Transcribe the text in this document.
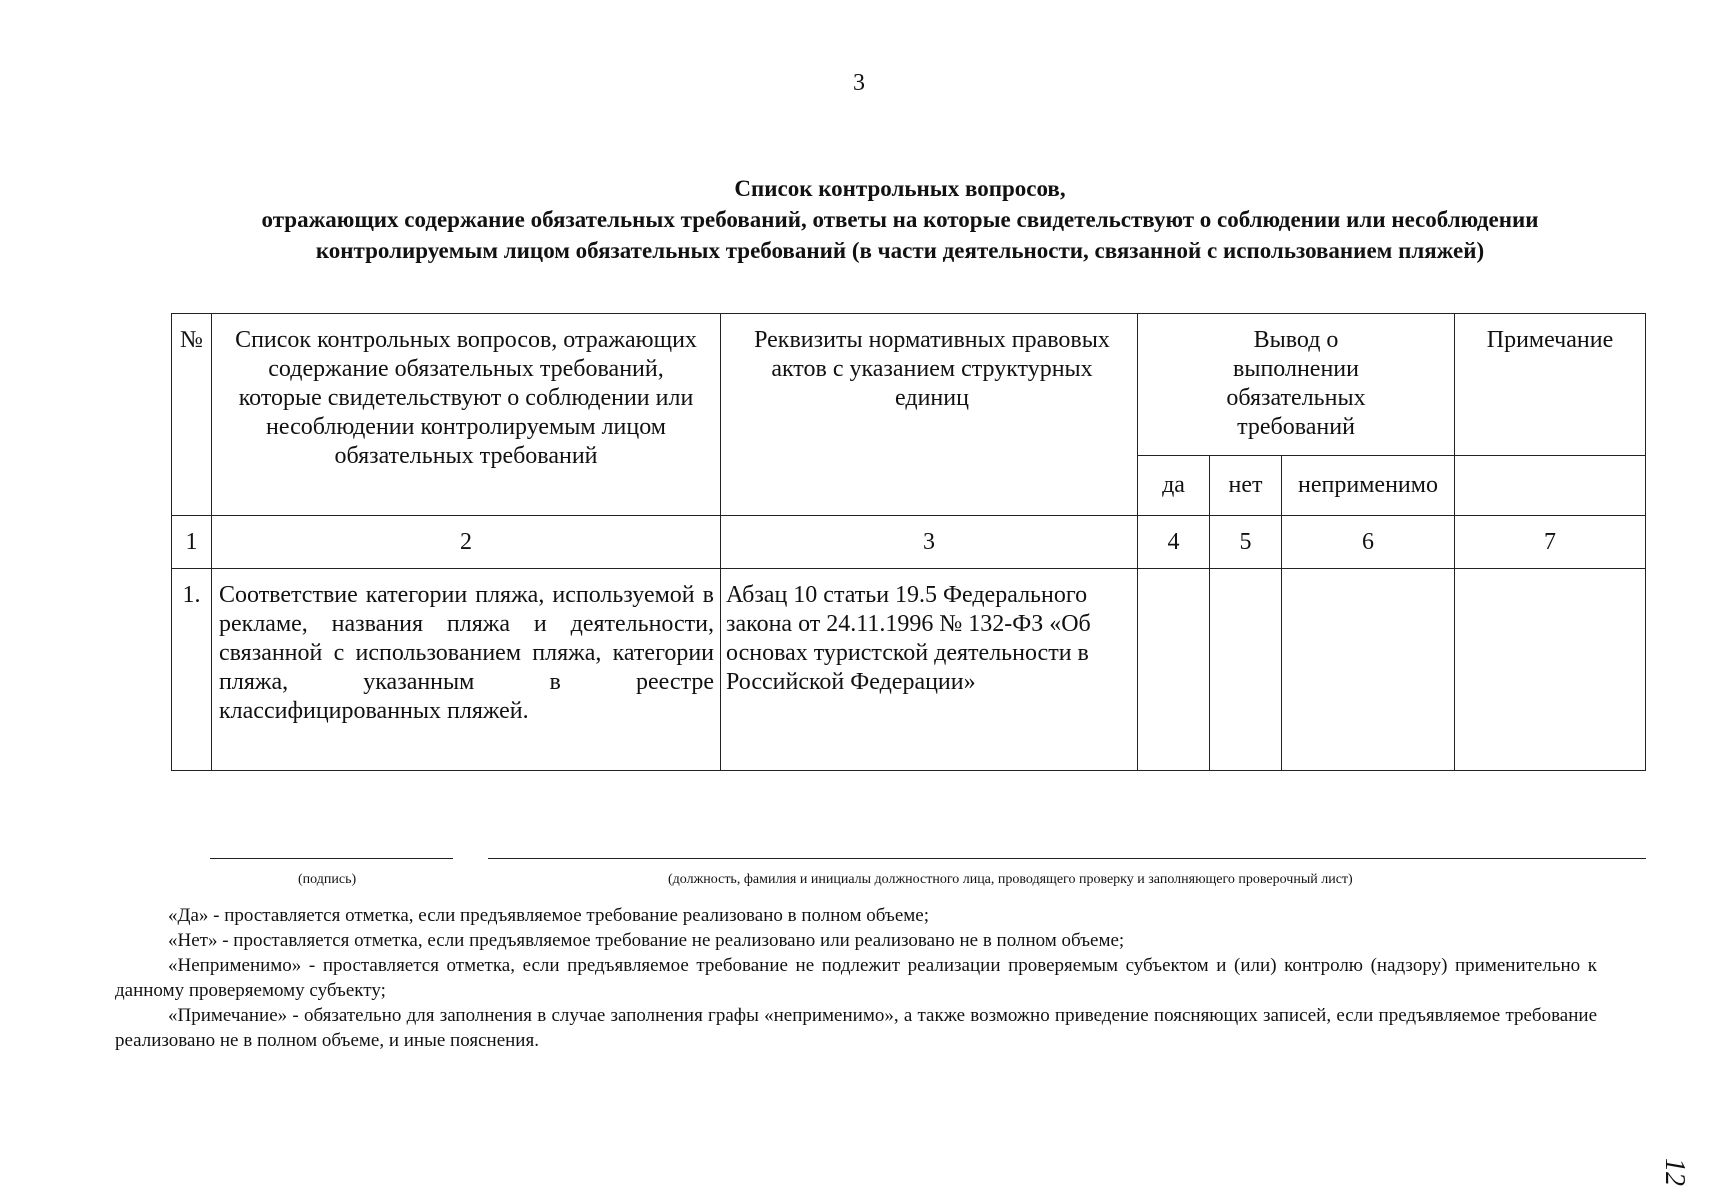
3
Список контрольных вопросов,
отражающих содержание обязательных требований, ответы на которые свидетельствуют о соблюдении или несоблюдении контролируемым лицом обязательных требований (в части деятельности, связанной с использованием пляжей)
№	Список контрольных вопросов, отражающих содержание обязательных требований, которые свидетельствуют о соблюдении или несоблюдении контролируемым лицом обязательных требований	Реквизиты нормативных правовых актов с указанием структурных единиц	Вывод о выполнении обязательных требований			Примечание
			да	нет	неприменимо	
1	2	3	4	5	6	7
1.	Соответствие категории пляжа, используемой в рекламе, названия пляжа и деятельности, связанной с использованием пляжа, категории пляжа, указанным в реестре классифицированных пляжей.	Абзац 10 статьи 19.5 Федерального закона от 24.11.1996 № 132-ФЗ «Об основах туристской деятельности в Российской Федерации»				
(подпись)	(должность, фамилия и инициалы должностного лица, проводящего проверку и заполняющего проверочный лист)

«Да» - проставляется отметка, если предъявляемое требование реализовано в полном объеме;

«Нет» - проставляется отметка, если предъявляемое требование не реализовано или реализовано не в полном объеме;

«Неприменимо» - проставляется отметка, если предъявляемое требование не подлежит реализации проверяемым субъектом и (или) контролю (надзору) применительно к данному проверяемому субъекту;

«Примечание» - обязательно для заполнения в случае заполнения графы «неприменимо», а также возможно приведение поясняющих записей, если предъявляемое требование реализовано не в полном объеме, и иные пояснения.

12
